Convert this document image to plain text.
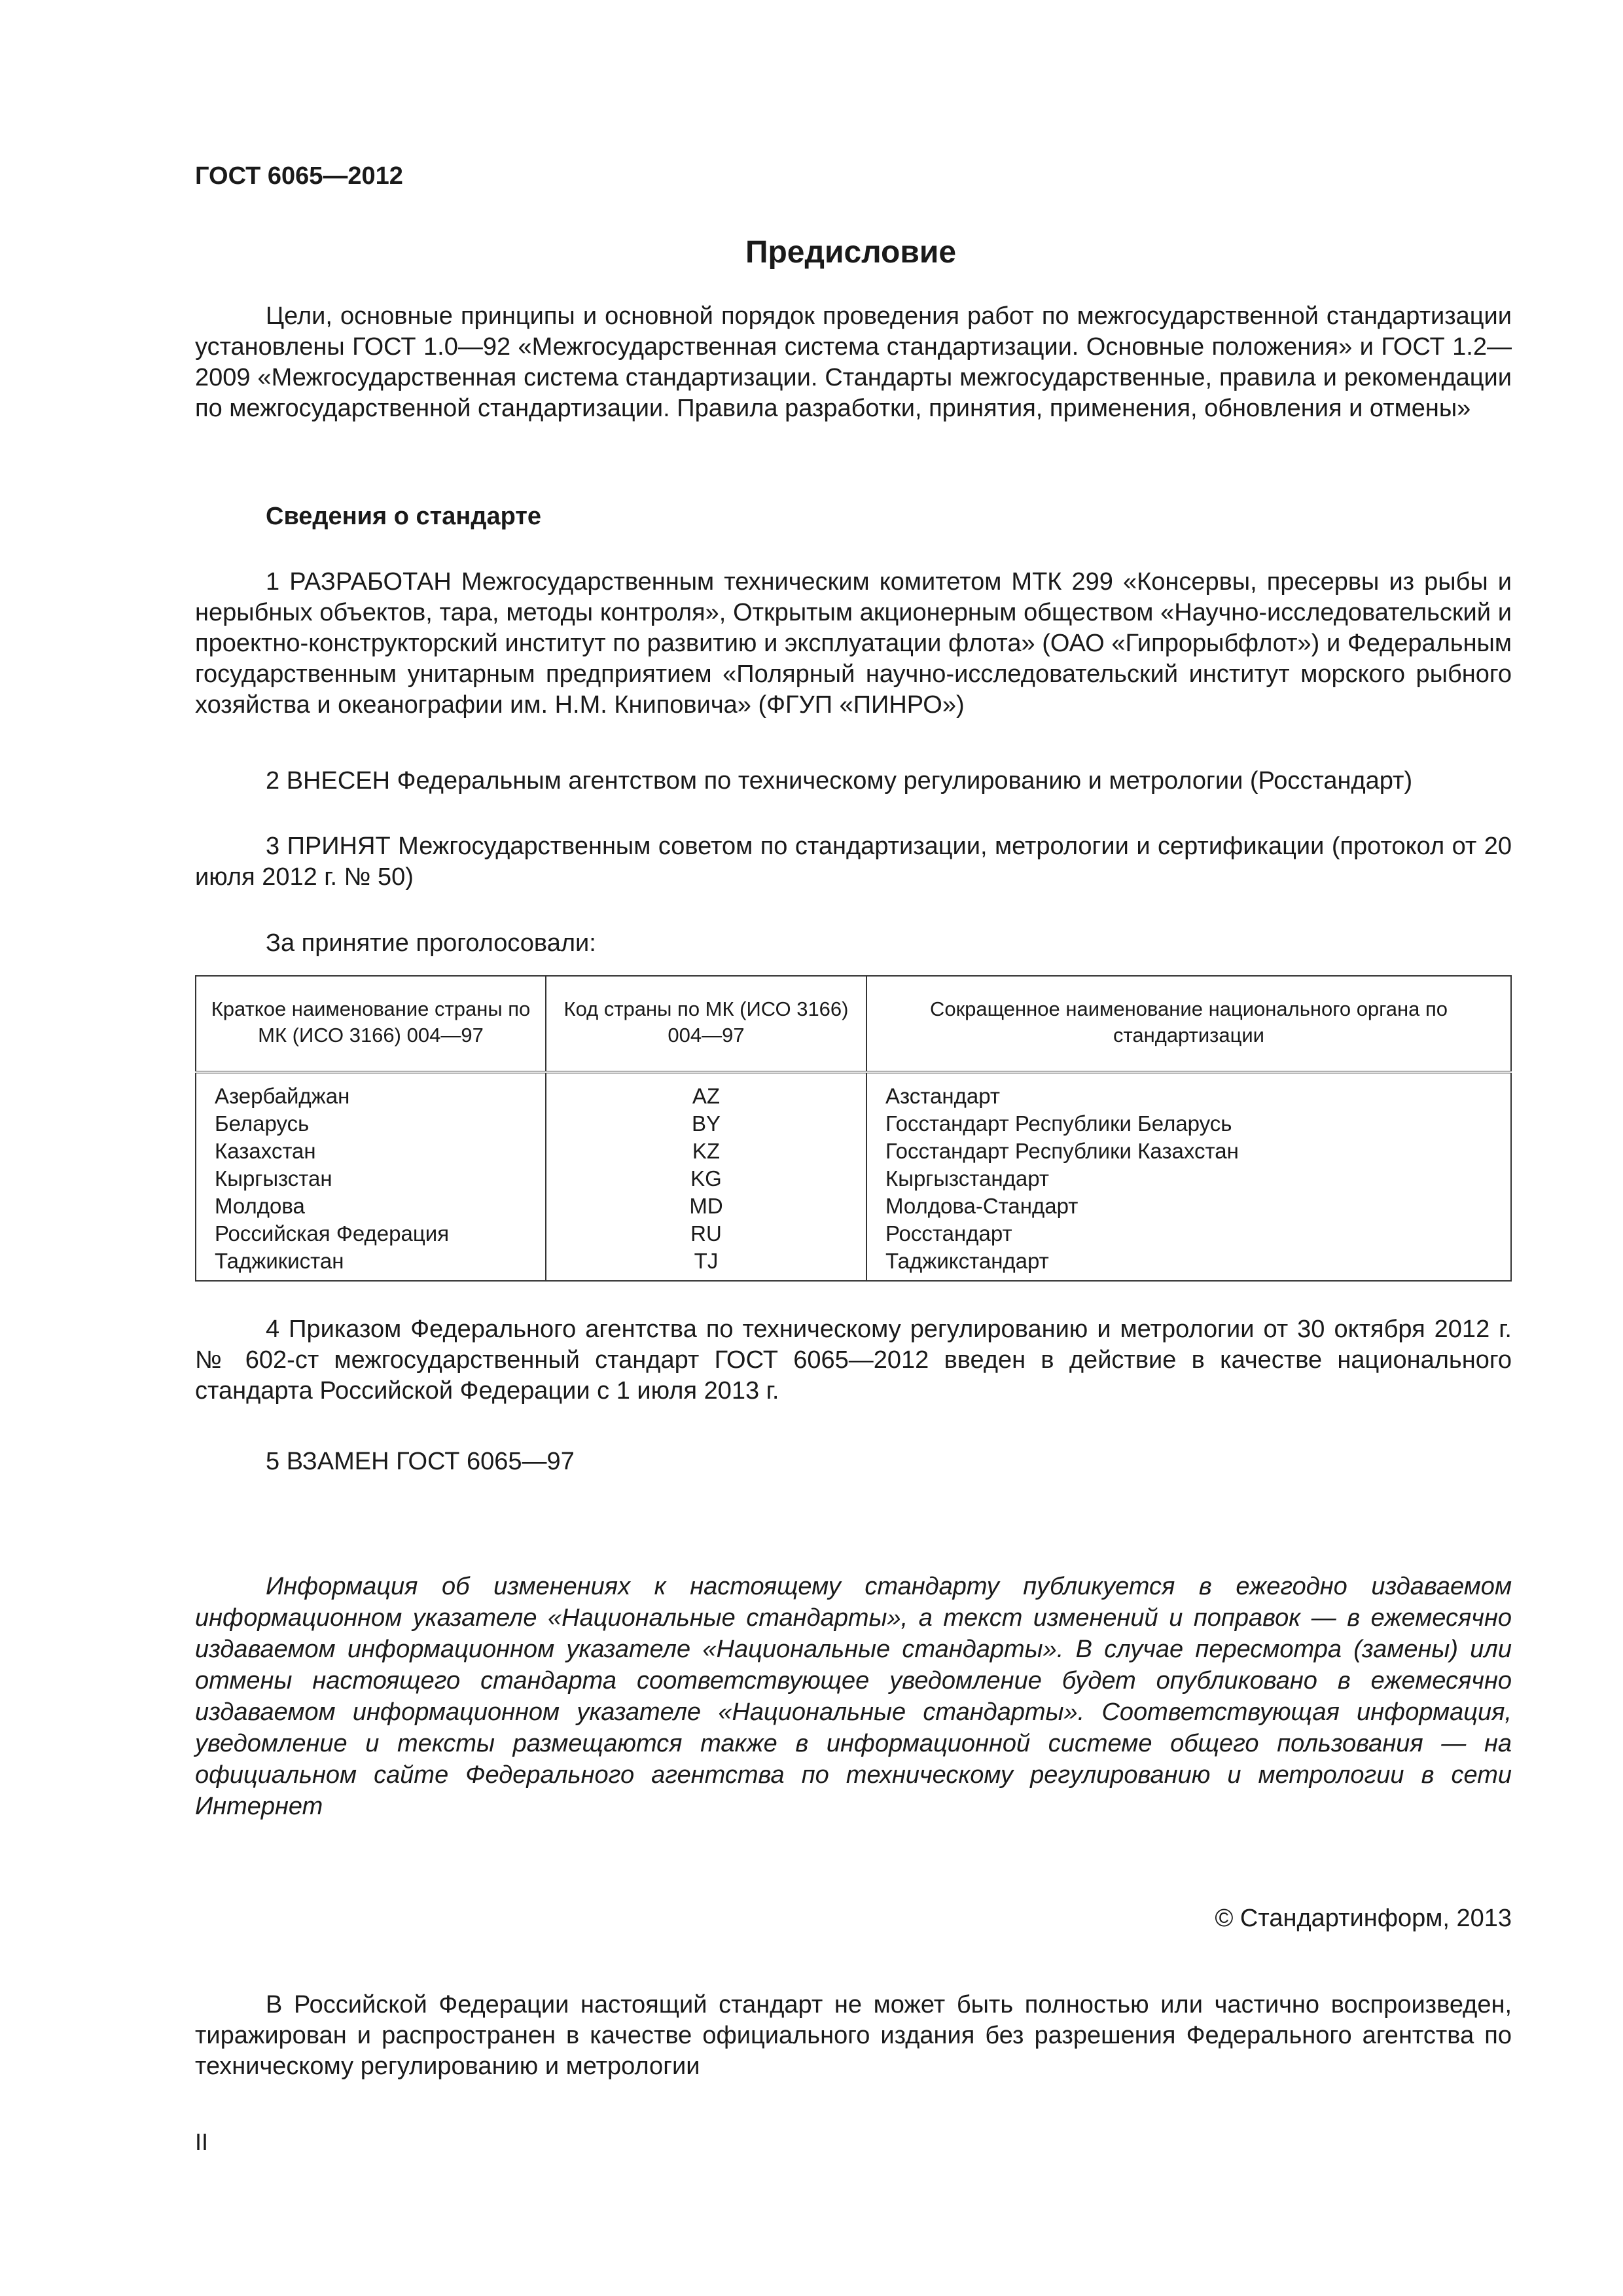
ГОСТ 6065—2012
Предисловие

Цели, основные принципы и основной порядок проведения работ по межгосударственной стандартизации установлены ГОСТ 1.0—92 «Межгосударственная система стандартизации. Основные положения» и ГОСТ 1.2—2009 «Межгосударственная система стандартизации. Стандарты межгосударственные, правила и рекомендации по межгосударственной стандартизации. Правила разработки, принятия, применения, обновления и отмены»

Сведения о стандарте

1 РАЗРАБОТАН Межгосударственным техническим комитетом МТК 299 «Консервы, пресервы из рыбы и нерыбных объектов, тара, методы контроля», Открытым акционерным обществом «Научно-исследовательский и проектно-конструкторский институт по развитию и эксплуатации флота» (ОАО «Гипрорыбфлот») и Федеральным государственным унитарным предприятием «Полярный научно-исследовательский институт морского рыбного хозяйства и океанографии им. Н.М. Книповича» (ФГУП «ПИНРО»)

2 ВНЕСЕН Федеральным агентством по техническому регулированию и метрологии (Росстандарт)

3 ПРИНЯТ Межгосударственным советом по стандартизации, метрологии и сертификации (протокол от 20 июля 2012 г. № 50)

За принятие проголосовали:
Краткое наименование страны по МК (ИСО 3166) 004—97	Код страны по МК (ИСО 3166) 004—97	Сокращенное наименование национального органа по стандартизации
Азербайджан	AZ	Азстандарт
Беларусь	BY	Госстандарт Республики Беларусь
Казахстан	KZ	Госстандарт Республики Казахстан
Кыргызстан	KG	Кыргызстандарт
Молдова	MD	Молдова-Стандарт
Российская Федерация	RU	Росстандарт
Таджикистан	TJ	Таджикстандарт

4 Приказом Федерального агентства по техническому регулированию и метрологии от 30 октября 2012 г. № 602-ст межгосударственный стандарт ГОСТ 6065—2012 введен в действие в качестве национального стандарта Российской Федерации с 1 июля 2013 г.

5 ВЗАМЕН ГОСТ 6065—97

Информация об изменениях к настоящему стандарту публикуется в ежегодно издаваемом информационном указателе «Национальные стандарты», а текст изменений и поправок — в ежемесячно издаваемом информационном указателе «Национальные стандарты». В случае пересмотра (замены) или отмены настоящего стандарта соответствующее уведомление будет опубликовано в ежемесячно издаваемом информационном указателе «Национальные стандарты». Соответствующая информация, уведомление и тексты размещаются также в информационной системе общего пользования — на официальном сайте Федерального агентства по техническому регулированию и метрологии в сети Интернет

© Стандартинформ, 2013

В Российской Федерации настоящий стандарт не может быть полностью или частично воспроизведен, тиражирован и распространен в качестве официального издания без разрешения Федерального агентства по техническому регулированию и метрологии

II
